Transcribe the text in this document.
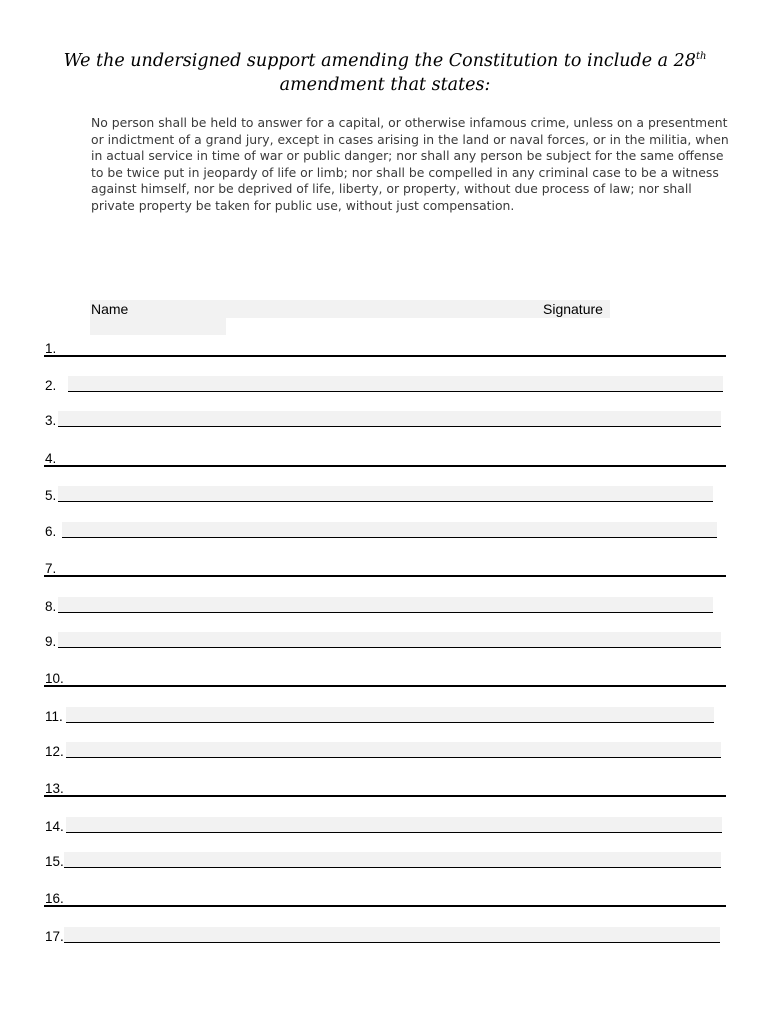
We the undersigned support amending the Constitution to include a 28th
amendment that states:

No person shall be held to answer for a capital, or otherwise infamous crime, unless on a presentment or indictment of a grand jury, except in cases arising in the land or naval forces, or in the militia, when in actual service in time of war or public danger; nor shall any person be subject for the same offense to be twice put in jeopardy of life or limb; nor shall be compelled in any criminal case to be a witness against himself, nor be deprived of life, liberty, or property, without due process of law; nor shall private property be taken for public use, without just compensation.

Name	Signature
1.
2.
3.
4.
5.
6.
7.
8.
9.
10.
11.
12.
13.
14.
15.
16.
17.
